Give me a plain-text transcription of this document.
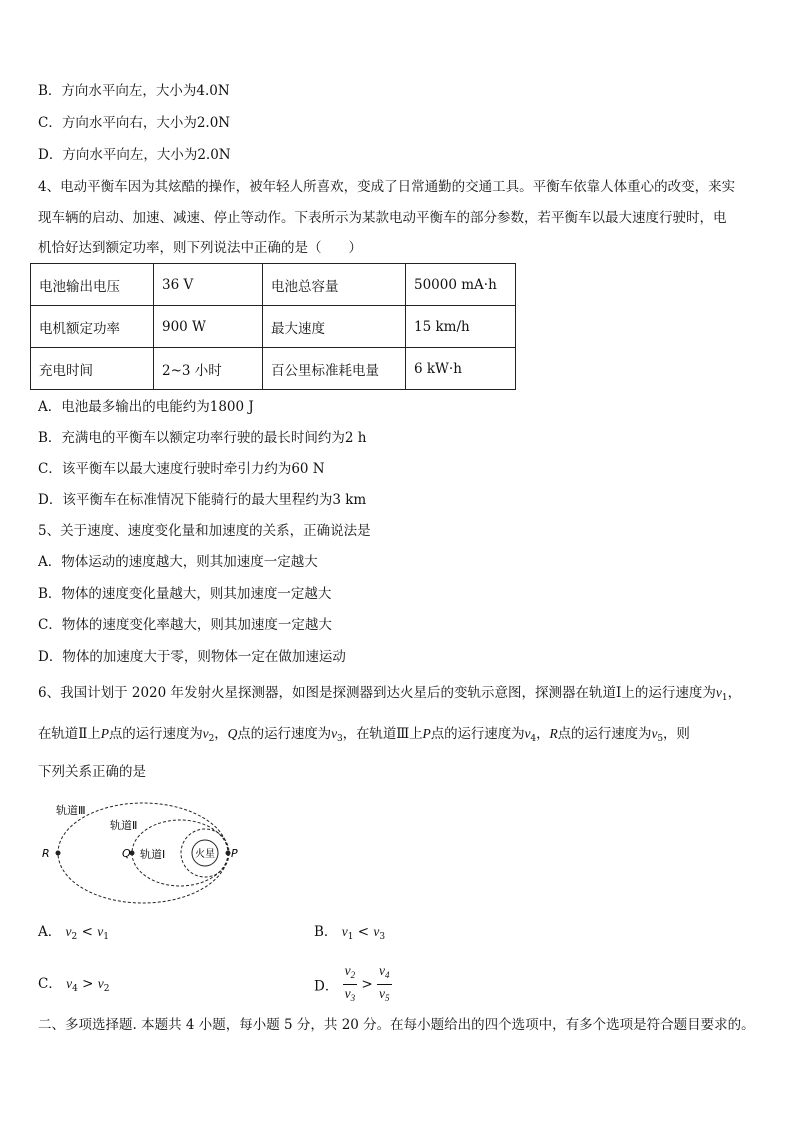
B．方向水平向左，大小为4.0N
C．方向水平向右，大小为2.0N
D．方向水平向左，大小为2.0N
4、电动平衡车因为其炫酷的操作，被年轻人所喜欢，变成了日常通勤的交通工具。平衡车依靠人体重心的改变，来实
现车辆的启动、加速、减速、停止等动作。下表所示为某款电动平衡车的部分参数，若平衡车以最大速度行驶时，电
机恰好达到额定功率，则下列说法中正确的是（　　）
电池输出电压	36 V	电池总容量	50000 mA·h
电机额定功率	900 W	最大速度	15 km/h
充电时间	2~3 小时	百公里标准耗电量	6 kW·h
A．电池最多输出的电能约为1800 J
B．充满电的平衡车以额定功率行驶的最长时间约为2 h
C．该平衡车以最大速度行驶时牵引力约为60 N
D．该平衡车在标准情况下能骑行的最大里程约为3 km
5、关于速度、速度变化量和加速度的关系，正确说法是
A．物体运动的速度越大，则其加速度一定越大
B．物体的速度变化量越大，则其加速度一定越大
C．物体的速度变化率越大，则其加速度一定越大
D．物体的加速度大于零，则物体一定在做加速运动
6、我国计划于 2020 年发射火星探测器，如图是探测器到达火星后的变轨示意图，探测器在轨道Ⅰ上的运行速度为$v_1$，
在轨道Ⅱ上P点的运行速度为$v_2$，Q点的运行速度为$v_3$，在轨道Ⅲ上P点的运行速度为$v_4$，R点的运行速度为$v_5$，则
下列关系正确的是
轨道Ⅲ
轨道Ⅱ
轨道Ⅰ	火星
R	Q	P
A． $v_2 < v_1$	B． $v_1 < v_3$
C． $v_4 > v_2$	D． $\frac{v_2}{v_3} > \frac{v_4}{v_5}$
二、多项选择题. 本题共 4 小题，每小题 5 分，共 20 分。在每小题给出的四个选项中，有多个选项是符合题目要求的。
